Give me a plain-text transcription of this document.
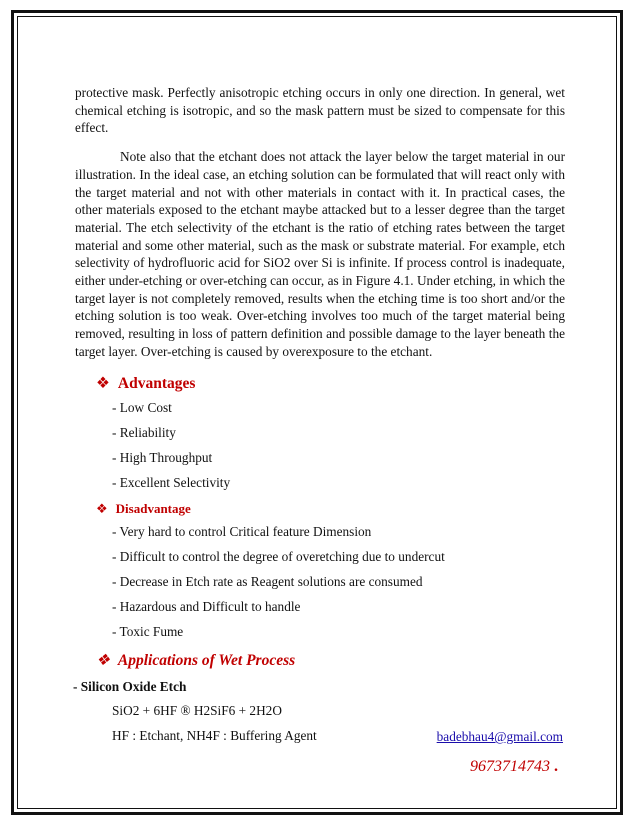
protective mask. Perfectly anisotropic etching occurs in only one direction. In general, wet chemical etching is isotropic, and so the mask pattern must be sized to compensate for this effect.

Note also that the etchant does not attack the layer below the target material in our illustration. In the ideal case, an etching solution can be formulated that will react only with the target material and not with other materials in contact with it. In practical cases, the other materials exposed to the etchant maybe attacked but to a lesser degree than the target material. The etch selectivity of the etchant is the ratio of etching rates between the target material and some other material, such as the mask or substrate material. For example, etch selectivity of hydrofluoric acid for SiO2 over Si is infinite. If process control is inadequate, either under-etching or over-etching can occur, as in Figure 4.1. Under etching, in which the target layer is not completely removed, results when the etching time is too short and/or the etching solution is too weak. Over-etching involves too much of the target material being removed, resulting in loss of pattern definition and possible damage to the layer beneath the target layer. Over-etching is caused by overexposure to the etchant.

❖ Advantages
- Low Cost
- Reliability
- High Throughput
- Excellent Selectivity
❖ Disadvantage
- Very hard to control Critical feature Dimension
- Difficult to control the degree of overetching due to undercut
- Decrease in Etch rate as Reagent solutions are consumed
- Hazardous and Difficult to handle
- Toxic Fume
❖ Applications of Wet Process
- Silicon Oxide Etch
SiO2 + 6HF ® H2SiF6 + 2H2O
HF : Etchant, NH4F : Buffering Agent	badebhau4@gmail.com
9673714743 .
